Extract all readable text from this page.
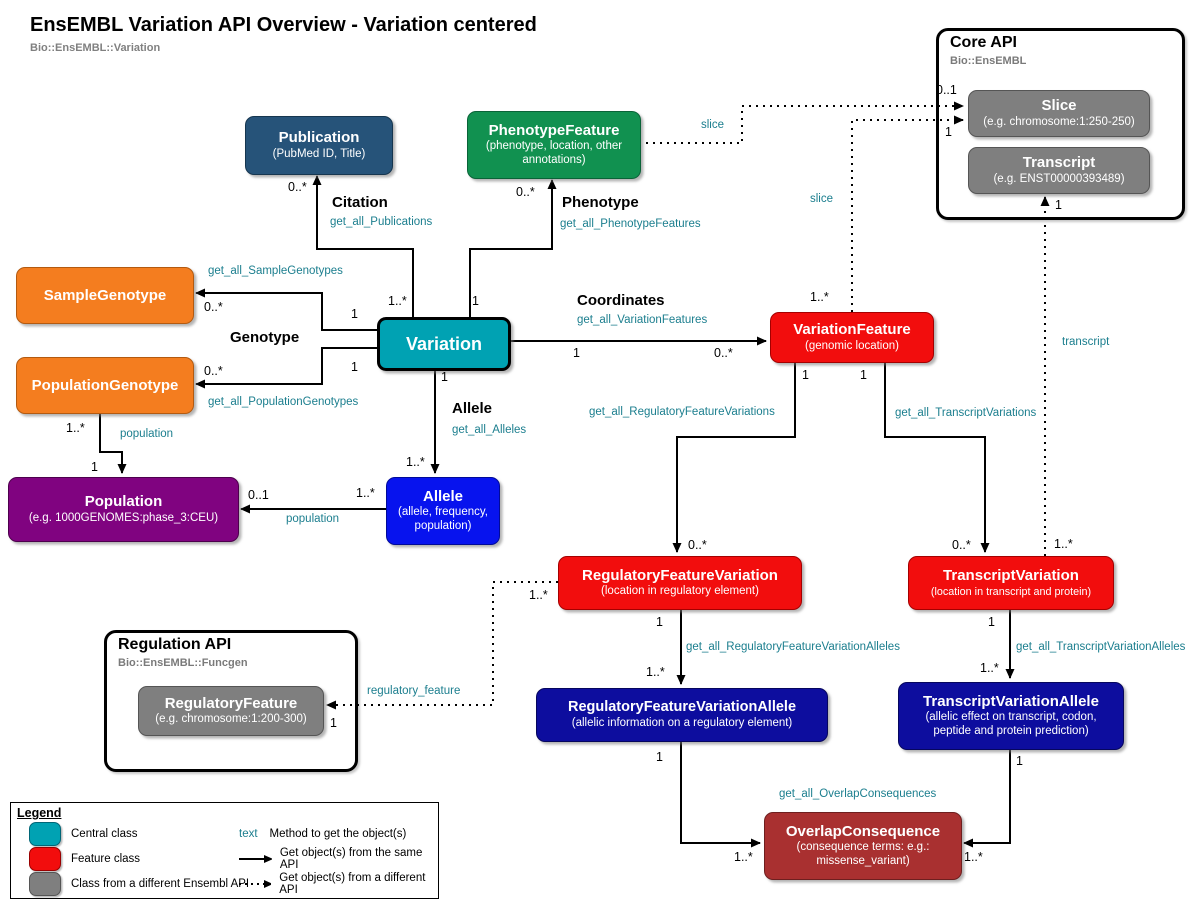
EnsEMBL Variation API Overview - Variation centered
Bio::EnsEMBL::Variation	Core API
Bio::EnsEMBL
Regulation API
Bio::EnsEMBL::Funcgen
Publication
(PubMed ID, Title)
PhenotypeFeature
(phenotype, location, other annotations)
Slice
(e.g. chromosome:1:250-250)
Transcript
(e.g. ENST00000393489)
SampleGenotype
PopulationGenotype
Variation
VariationFeature
(genomic location)
Population
(e.g. 1000GENOMES:phase_3:CEU)
Allele
(allele, frequency, population)
RegulatoryFeatureVariation
(location in regulatory element)
TranscriptVariation
(location in transcript and protein)
RegulatoryFeature
(e.g. chromosome:1:200-300)
RegulatoryFeatureVariationAllele
(allelic information on a regulatory element)
TranscriptVariationAllele
(allelic effect on transcript, codon, peptide and protein prediction)
OverlapConsequence
(consequence terms: e.g.: missense_variant)
Citation
get_all_Publications
Phenotype
get_all_PhenotypeFeatures
get_all_SampleGenotypes
Genotype
get_all_PopulationGenotypes
Coordinates
get_all_VariationFeatures
Allele
get_all_Alleles
population
population
slice
slice
transcript
get_all_RegulatoryFeatureVariations	get_all_TranscriptVariations
get_all_RegulatoryFeatureVariationAlleles	get_all_TranscriptVariationAlleles
get_all_OverlapConsequences
regulatory_feature
0..*
1..*
0..*
1
0..*	1
0..*	1
1	0..*
1
1..*
1..*
1
0..1	1..*
1	1
0..*	0..*
1..*
0..1
1
1..*
1
1..*
1
1
1..*
1
1..*
1
1..*
1
1..*
Legend
Central class
Feature class
Class from a different Ensembl API
text Method to get the object(s)
Get object(s) from the same API
Get object(s) from a different API
